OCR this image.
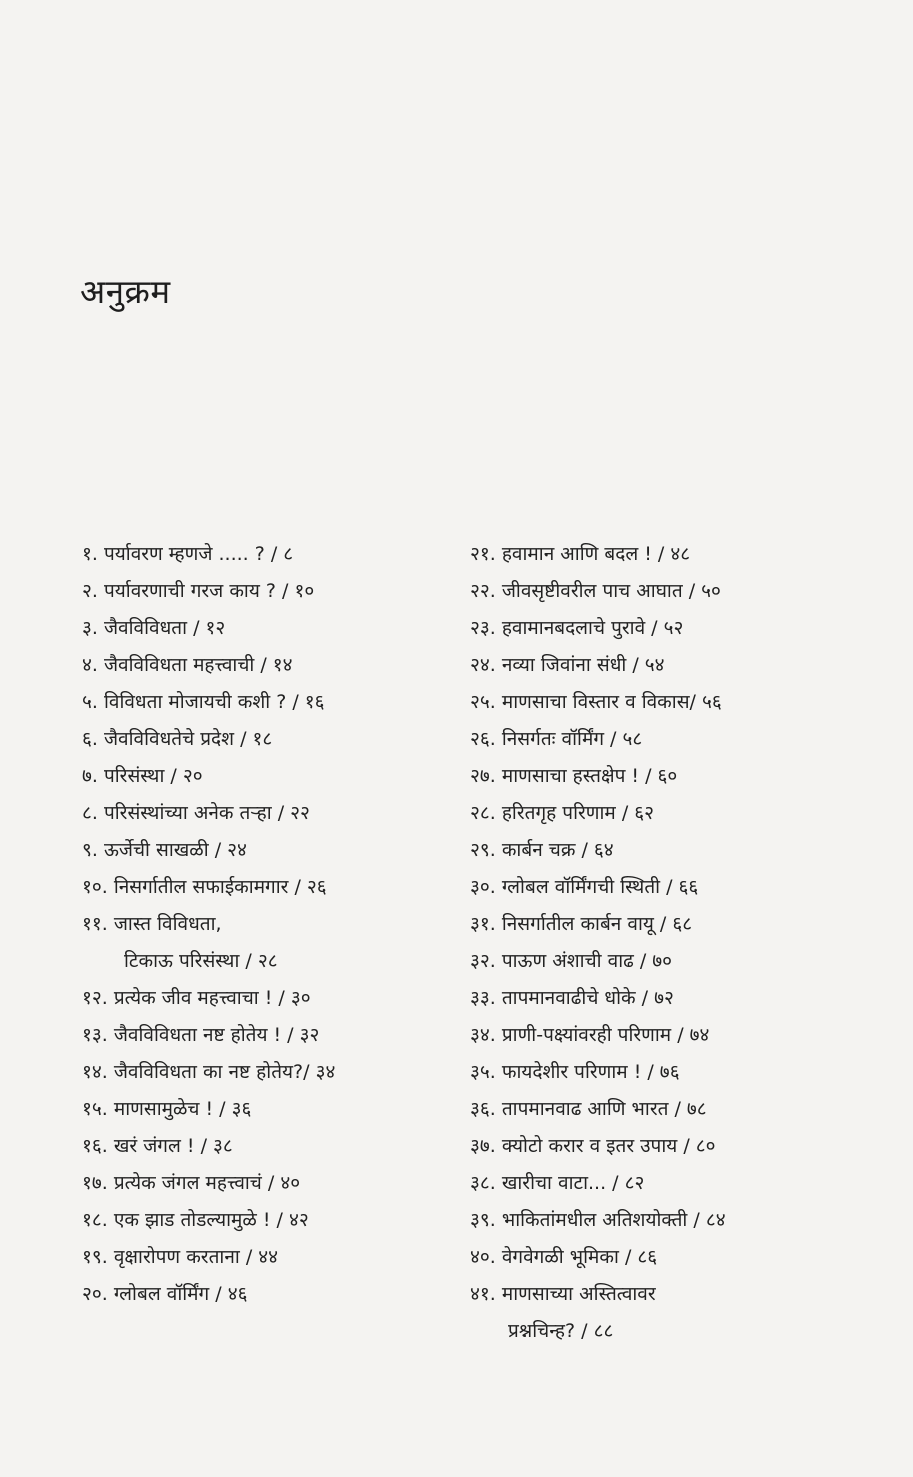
अनुक्रम
१. पर्यावरण म्हणजे ..... ? / ८
२. पर्यावरणाची गरज काय ? / १०
३. जैवविविधता / १२
४. जैवविविधता महत्त्वाची / १४
५. विविधता मोजायची कशी ? / १६
६. जैवविविधतेचे प्रदेश / १८
७. परिसंस्था / २०
८. परिसंस्थांच्या अनेक तऱ्हा / २२
९. ऊर्जेची साखळी / २४
१०. निसर्गातील सफाईकामगार / २६
११. जास्त विविधता,
टिकाऊ परिसंस्था / २८
१२. प्रत्येक जीव महत्त्वाचा ! / ३०
१३. जैवविविधता नष्ट होतेय ! / ३२
१४. जैवविविधता का नष्ट होतेय?/ ३४
१५. माणसामुळेच ! / ३६
१६. खरं जंगल ! / ३८
१७. प्रत्येक जंगल महत्त्वाचं / ४०
१८. एक झाड तोडल्यामुळे ! / ४२
१९. वृक्षारोपण करताना / ४४
२०. ग्लोबल वॉर्मिंग / ४६
२१. हवामान आणि बदल ! / ४८
२२. जीवसृष्टीवरील पाच आघात / ५०
२३. हवामानबदलाचे पुरावे / ५२
२४. नव्या जिवांना संधी / ५४
२५. माणसाचा विस्तार व विकास/ ५६
२६. निसर्गतः वॉर्मिंग / ५८
२७. माणसाचा हस्तक्षेप ! / ६०
२८. हरितगृह परिणाम / ६२
२९. कार्बन चक्र / ६४
३०. ग्लोबल वॉर्मिंगची स्थिती / ६६
३१. निसर्गातील कार्बन वायू / ६८
३२. पाऊण अंशाची वाढ / ७०
३३. तापमानवाढीचे धोके / ७२
३४. प्राणी-पक्ष्यांवरही परिणाम / ७४
३५. फायदेशीर परिणाम ! / ७६
३६. तापमानवाढ आणि भारत / ७८
३७. क्योटो करार व इतर उपाय / ८०
३८. खारीचा वाटा... / ८२
३९. भाकितांमधील अतिशयोक्ती / ८४
४०. वेगवेगळी भूमिका / ८६
४१. माणसाच्या अस्तित्वावर
प्रश्नचिन्ह? / ८८
